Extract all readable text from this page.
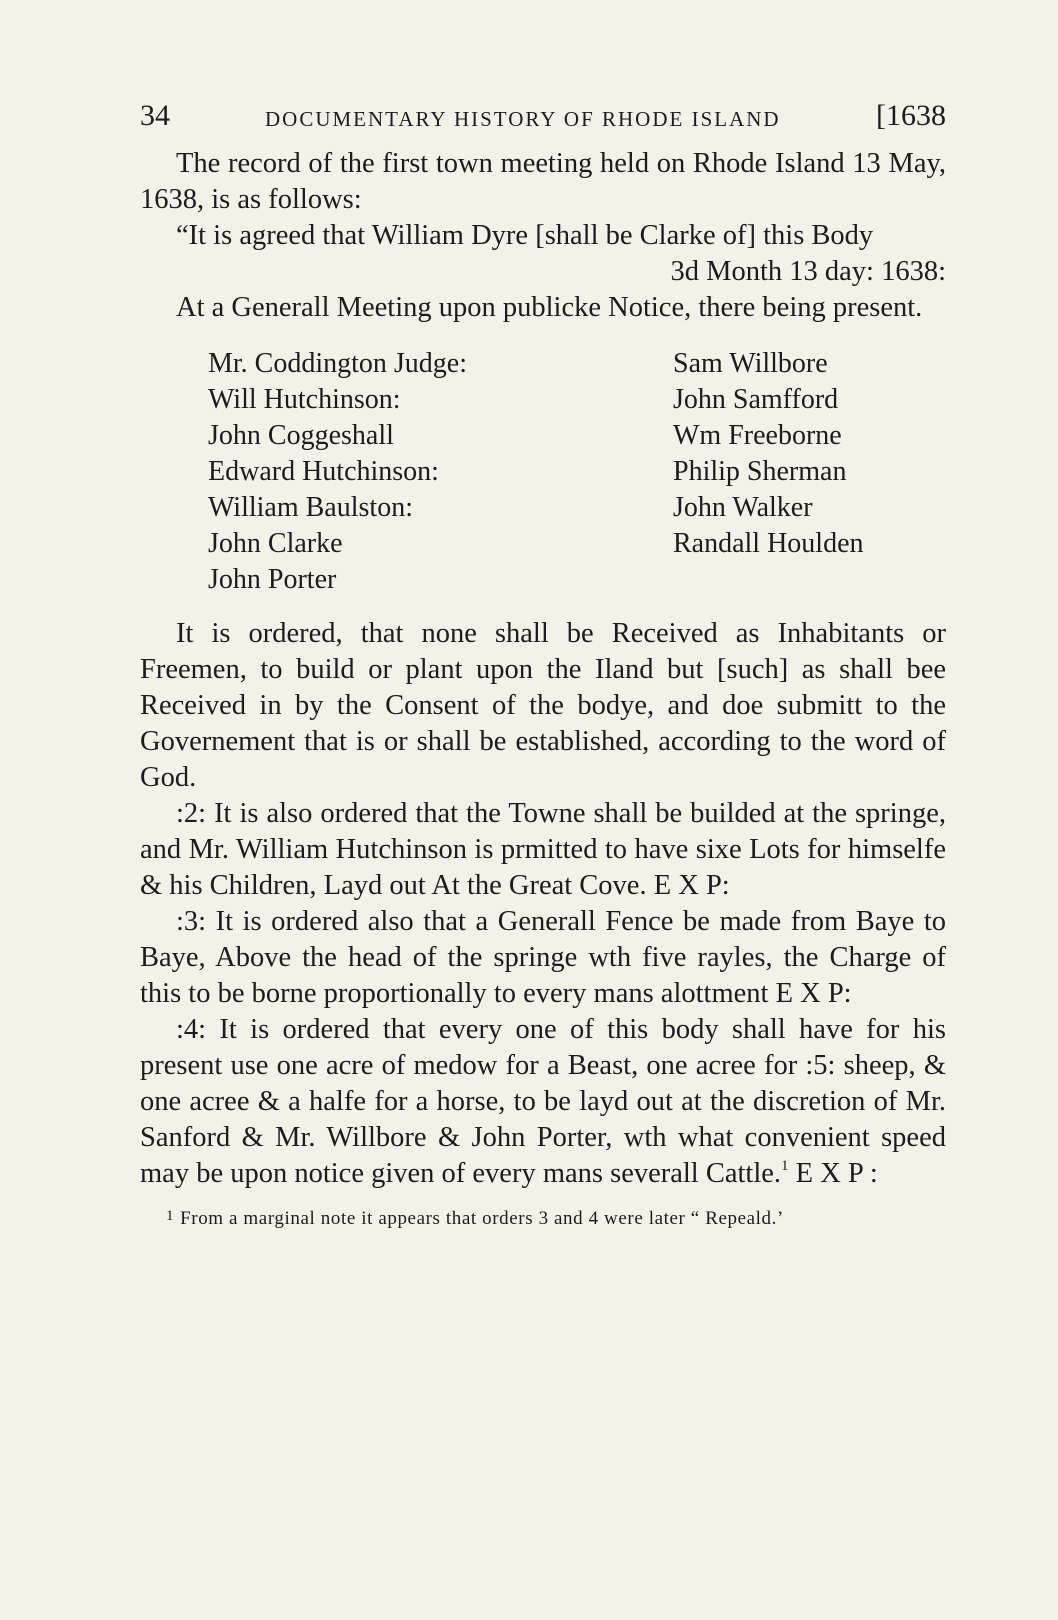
34	DOCUMENTARY HISTORY OF RHODE ISLAND	[1638

The record of the first town meeting held on Rhode Island 13 May, 1638, is as follows:

“It is agreed that William Dyre [shall be Clarke of] this Body

3d Month 13 day: 1638:

At a Generall Meeting upon publicke Notice, there being present.

Mr. Coddington Judge:
Will Hutchinson:
John Coggeshall
Edward Hutchinson:
William Baulston:
John Clarke
John Porter
Sam Willbore
John Samfford
Wm Freeborne
Philip Sherman
John Walker
Randall Houlden

It is ordered, that none shall be Received as Inhabitants or Freemen, to build or plant upon the Iland but [such] as shall bee Received in by the Consent of the bodye, and doe submitt to the Governement that is or shall be established, according to the word of God.

:2: It is also ordered that the Towne shall be builded at the springe, and Mr. William Hutchinson is prmitted to have sixe Lots for himselfe & his Children, Layd out At the Great Cove. E X P:

:3: It is ordered also that a Generall Fence be made from Baye to Baye, Above the head of the springe wth five rayles, the Charge of this to be borne proportionally to every mans alottment E X P:

:4: It is ordered that every one of this body shall have for his present use one acre of medow for a Beast, one acree for :5: sheep, & one acree & a halfe for a horse, to be layd out at the discretion of Mr. Sanford & Mr. Willbore & John Porter, wth what convenient speed may be upon notice given of every mans severall Cattle.$^1$ E X P :

$^1$ From a marginal note it appears that orders 3 and 4 were later “ Repeald.’
